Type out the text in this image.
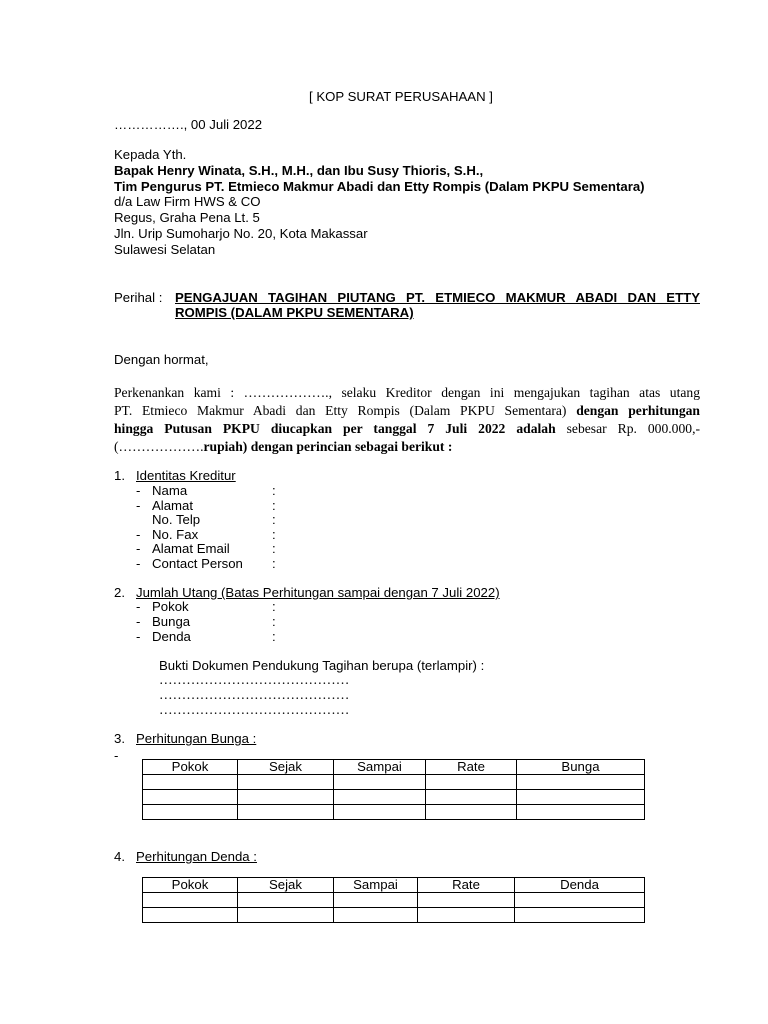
[ KOP SURAT PERUSAHAAN ]
……………., 00 Juli 2022
Kepada Yth.
Bapak Henry Winata, S.H., M.H., dan Ibu Susy Thioris, S.H.,
Tim Pengurus PT. Etmieco Makmur Abadi dan Etty Rompis (Dalam PKPU Sementara)
d/a Law Firm HWS & CO
Regus, Graha Pena Lt. 5
Jln. Urip Sumoharjo No. 20, Kota Makassar
Sulawesi Selatan
Perihal : PENGAJUAN TAGIHAN PIUTANG PT. ETMIECO MAKMUR ABADI DAN ETTY
ROMPIS (DALAM PKPU SEMENTARA)
Dengan hormat,
Perkenankan kami : ………………., selaku Kreditor dengan ini mengajukan tagihan atas utang
PT. Etmieco Makmur Abadi dan Etty Rompis (Dalam PKPU Sementara) dengan perhitungan
hingga Putusan PKPU diucapkan per tanggal 7 Juli 2022 adalah sebesar Rp. 000.000,-
(……………….rupiah) dengan perincian sebagai berikut :
1. Identitas Kreditur
- Nama	:
- Alamat	:
No. Telp	:
- No. Fax	:
- Alamat Email	:
- Contact Person :
2. Jumlah Utang (Batas Perhitungan sampai dengan 7 Juli 2022)
- Pokok	:
- Bunga	:
- Denda	:
Bukti Dokumen Pendukung Tagihan berupa (terlampir) :
……………………………………
……………………………………
……………………………………
3. Perhitungan Bunga :
-
Pokok	Sejak	Sampai	Rate	Bunga

4. Perhitungan Denda :
Pokok	Sejak	Sampai	Rate	Denda
